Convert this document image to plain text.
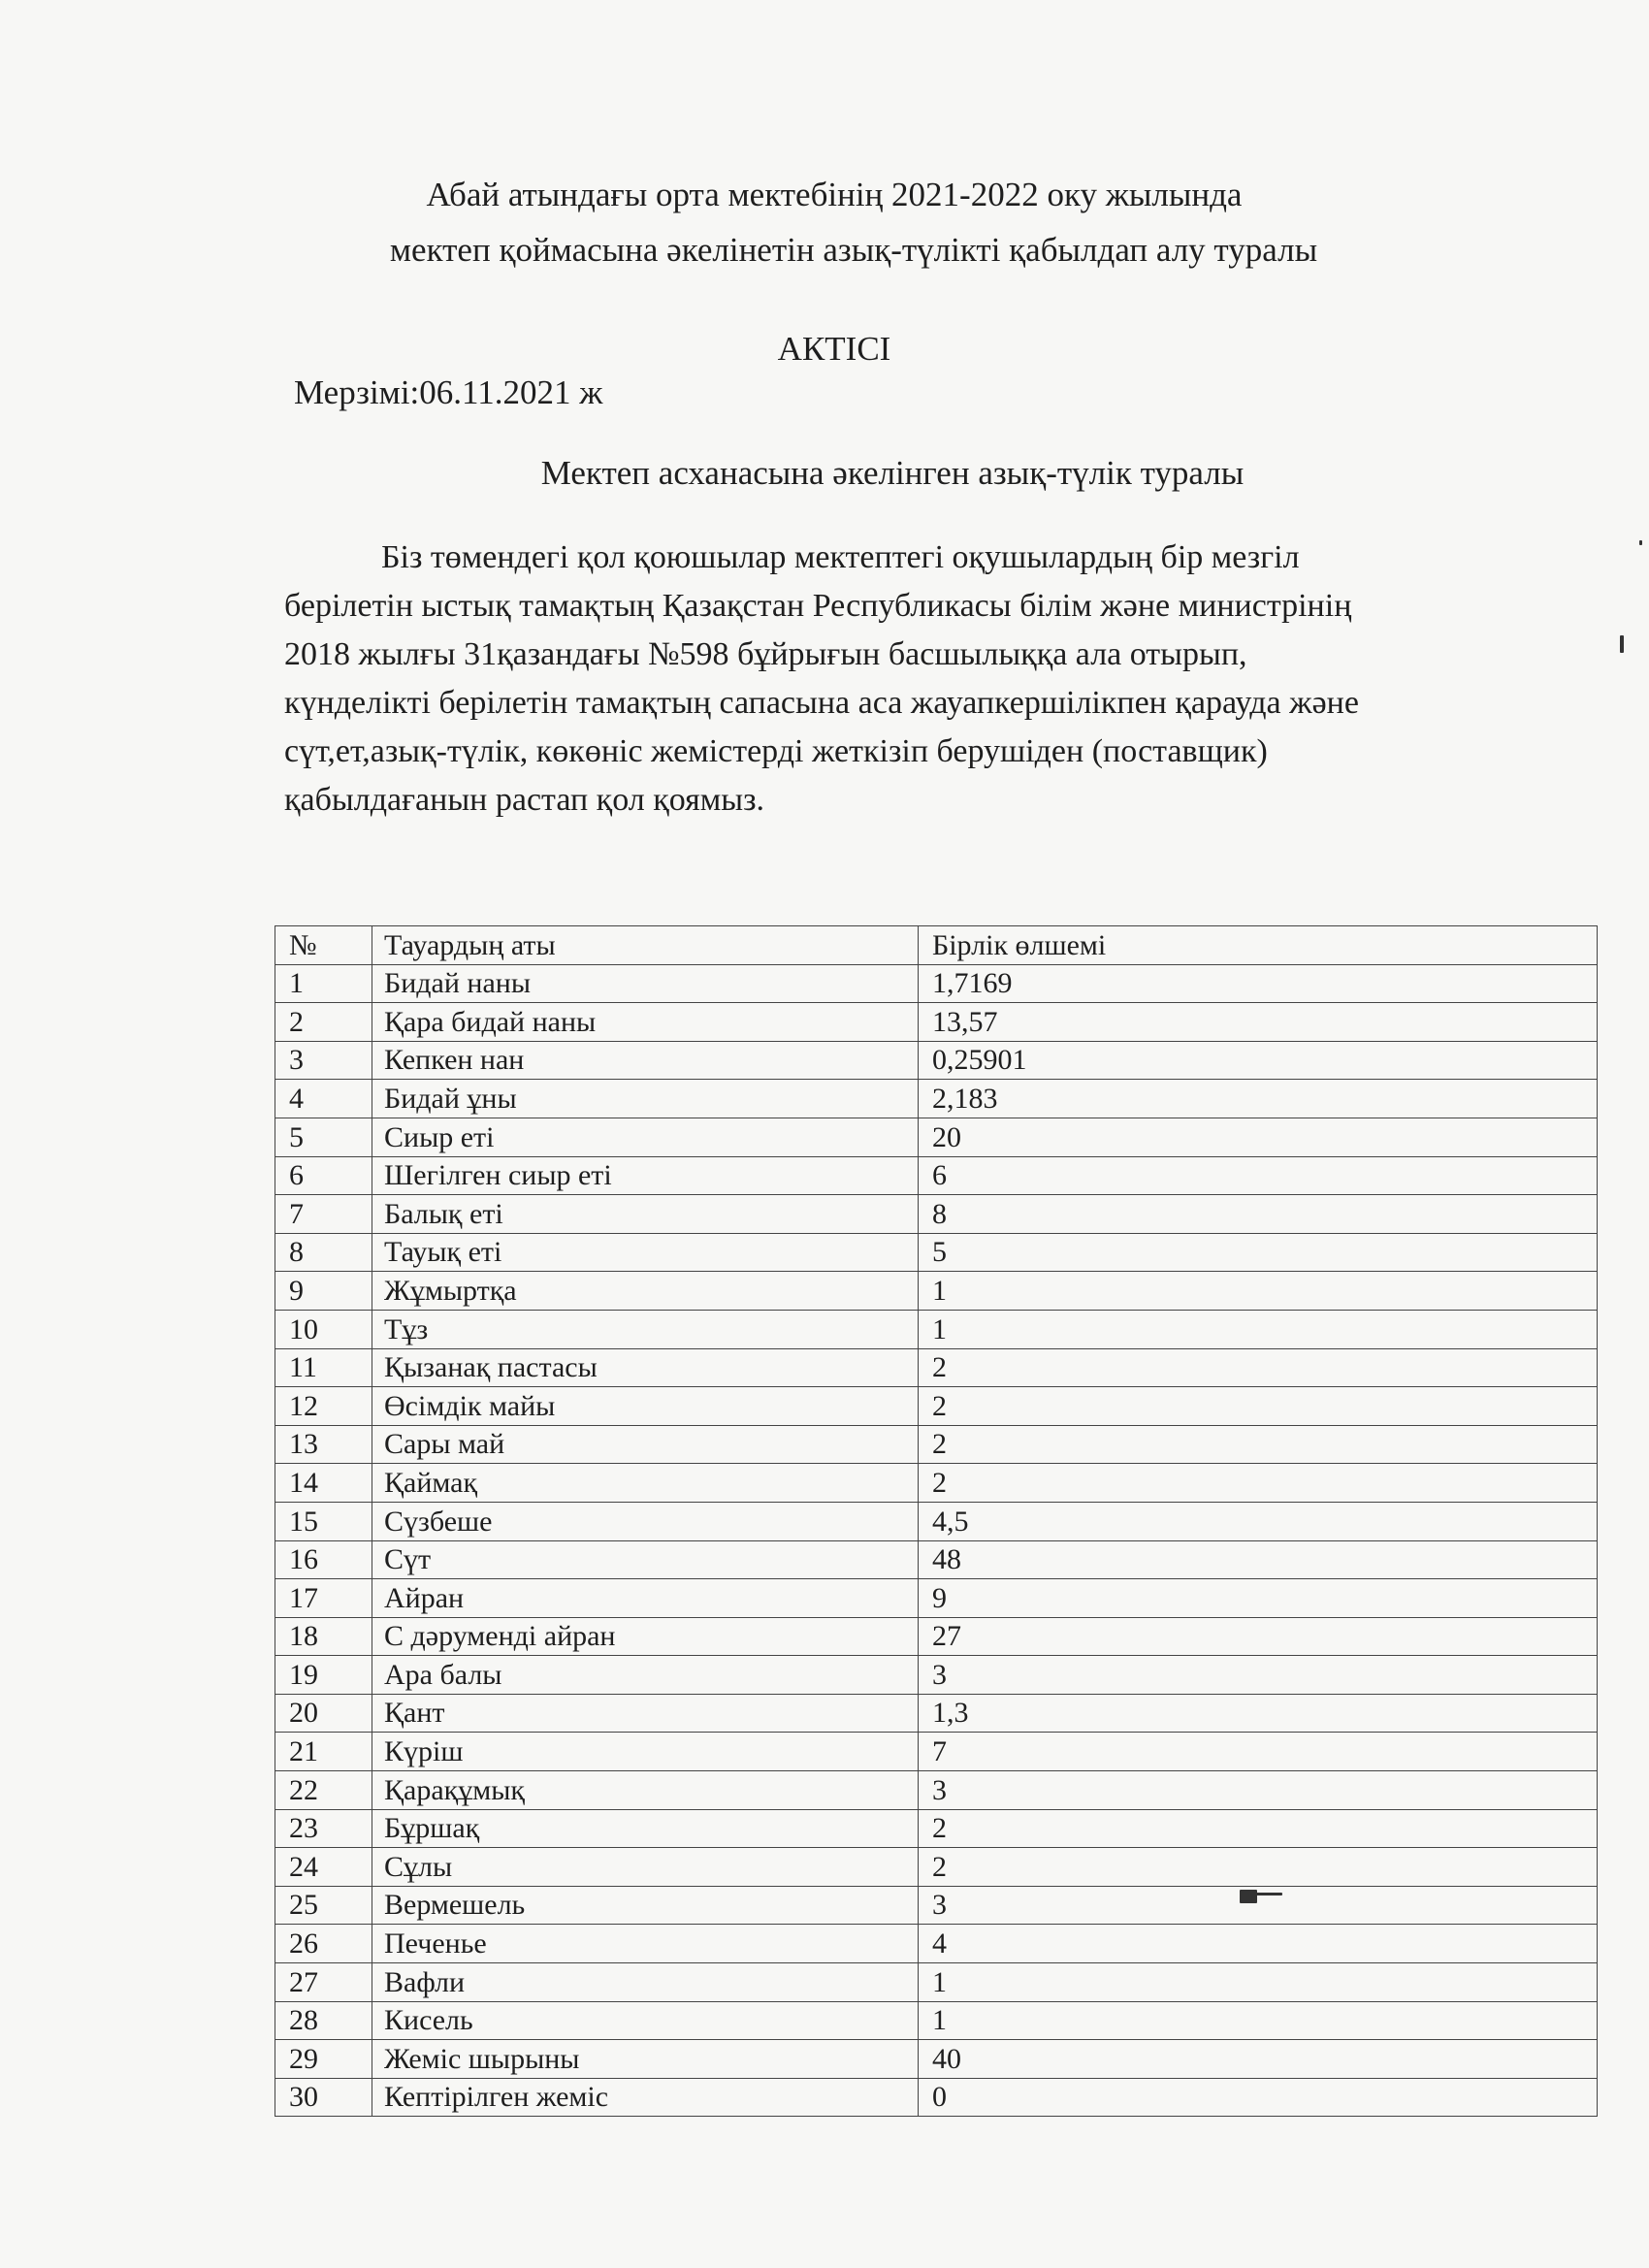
Абай атындағы орта мектебінің 2021-2022 оку жылында
мектеп қоймасына әкелінетін азық-түлікті қабылдап алу туралы
АКТІСІ
Мерзімі:06.11.2021 ж
Мектеп асханасына әкелінген азық-түлік туралы

Біз төмендегі қол қоюшылар мектептегі оқушылардың бір мезгіл
берілетін ыстық тамақтың Қазақстан Республикасы білім және министрінің
2018 жылғы 31қазандағы №598 бұйрығын басшылыққа ала отырып,
күнделікті берілетін тамақтың сапасына аса жауапкершілікпен қарауда және
сүт,ет,азық-түлік, көкөніс жемістерді жеткізіп берушіден (поставщик)
қабылдағанын растап қол қоямыз.

№	Тауардың аты	Бірлік өлшемі
1	Бидай наны	1,7169
2	Қара бидай наны	13,57
3	Кепкен нан	0,25901
4	Бидай ұны	2,183
5	Сиыр еті	20
6	Шегілген сиыр еті	6
7	Балық еті	8
8	Тауық еті	5
9	Жұмыртқа	1
10	Тұз	1
11	Қызанақ пастасы	2
12	Өсімдік майы	2
13	Сары май	2
14	Қаймақ	2
15	Сүзбеше	4,5
16	Сүт	48
17	Айран	9
18	С дәруменді айран	27
19	Ара балы	3
20	Қант	1,3
21	Күріш	7
22	Қарақұмық	3
23	Бұршақ	2
24	Сұлы	2
25	Вермешель	3
26	Печенье	4
27	Вафли	1
28	Кисель	1
29	Жеміс шырыны	40
30	Кептірілген жеміс	0
